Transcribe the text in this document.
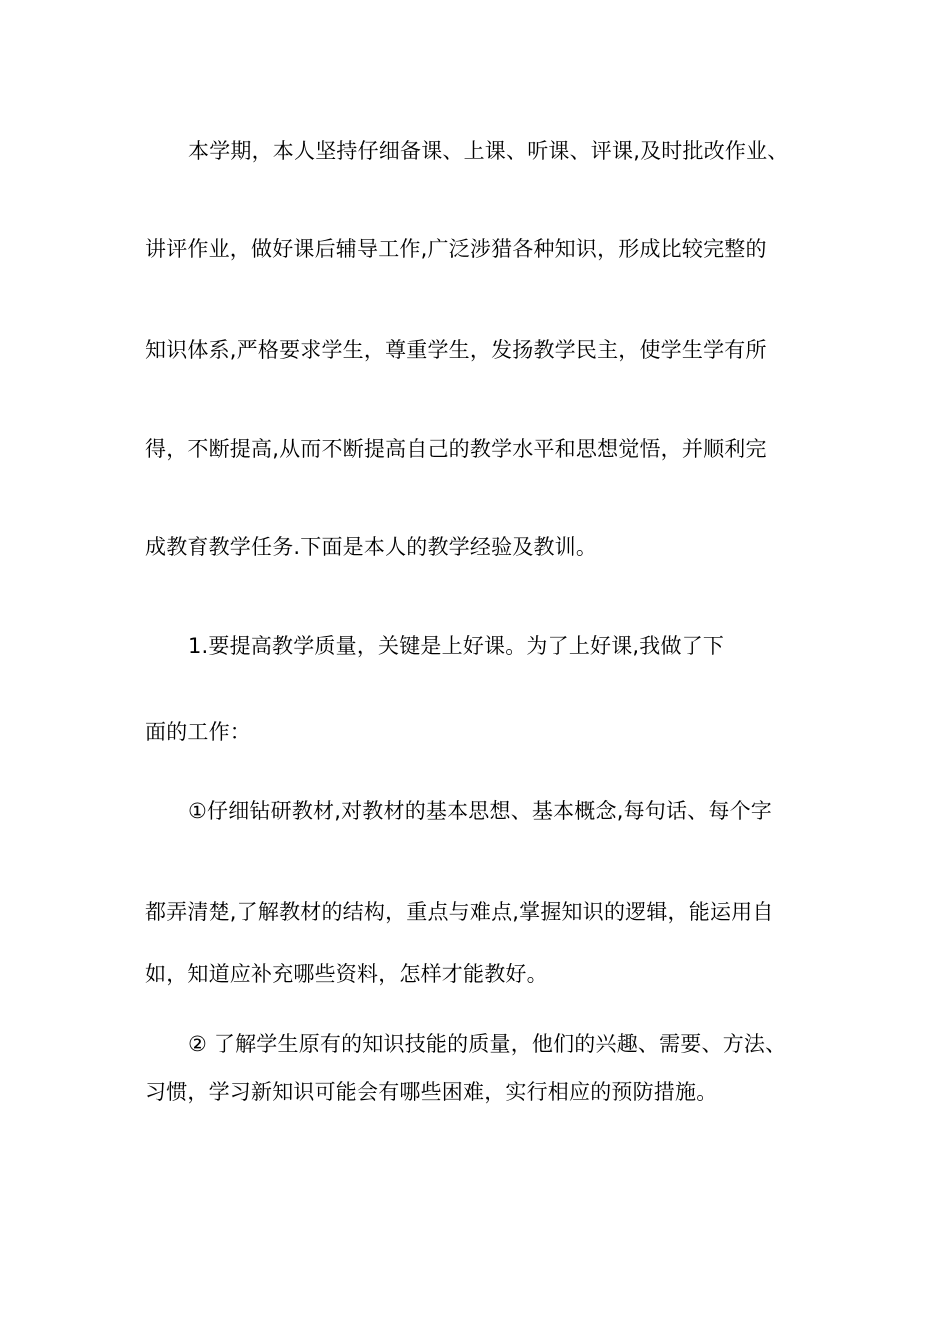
本学期，本人坚持仔细备课、上课、听课、评课,及时批改作业、
讲评作业，做好课后辅导工作,广泛涉猎各种知识，形成比较完整的
知识体系,严格要求学生，尊重学生，发扬教学民主，使学生学有所
得，不断提高,从而不断提高自己的教学水平和思想觉悟，并顺利完
成教育教学任务.下面是本人的教学经验及教训。
1.要提高教学质量，关键是上好课。为了上好课,我做了下
面的工作：
①仔细钻研教材,对教材的基本思想、基本概念,每句话、每个字
都弄清楚,了解教材的结构，重点与难点,掌握知识的逻辑，能运用自
如，知道应补充哪些资料，怎样才能教好。
② 了解学生原有的知识技能的质量，他们的兴趣、需要、方法、
习惯，学习新知识可能会有哪些困难，实行相应的预防措施。
